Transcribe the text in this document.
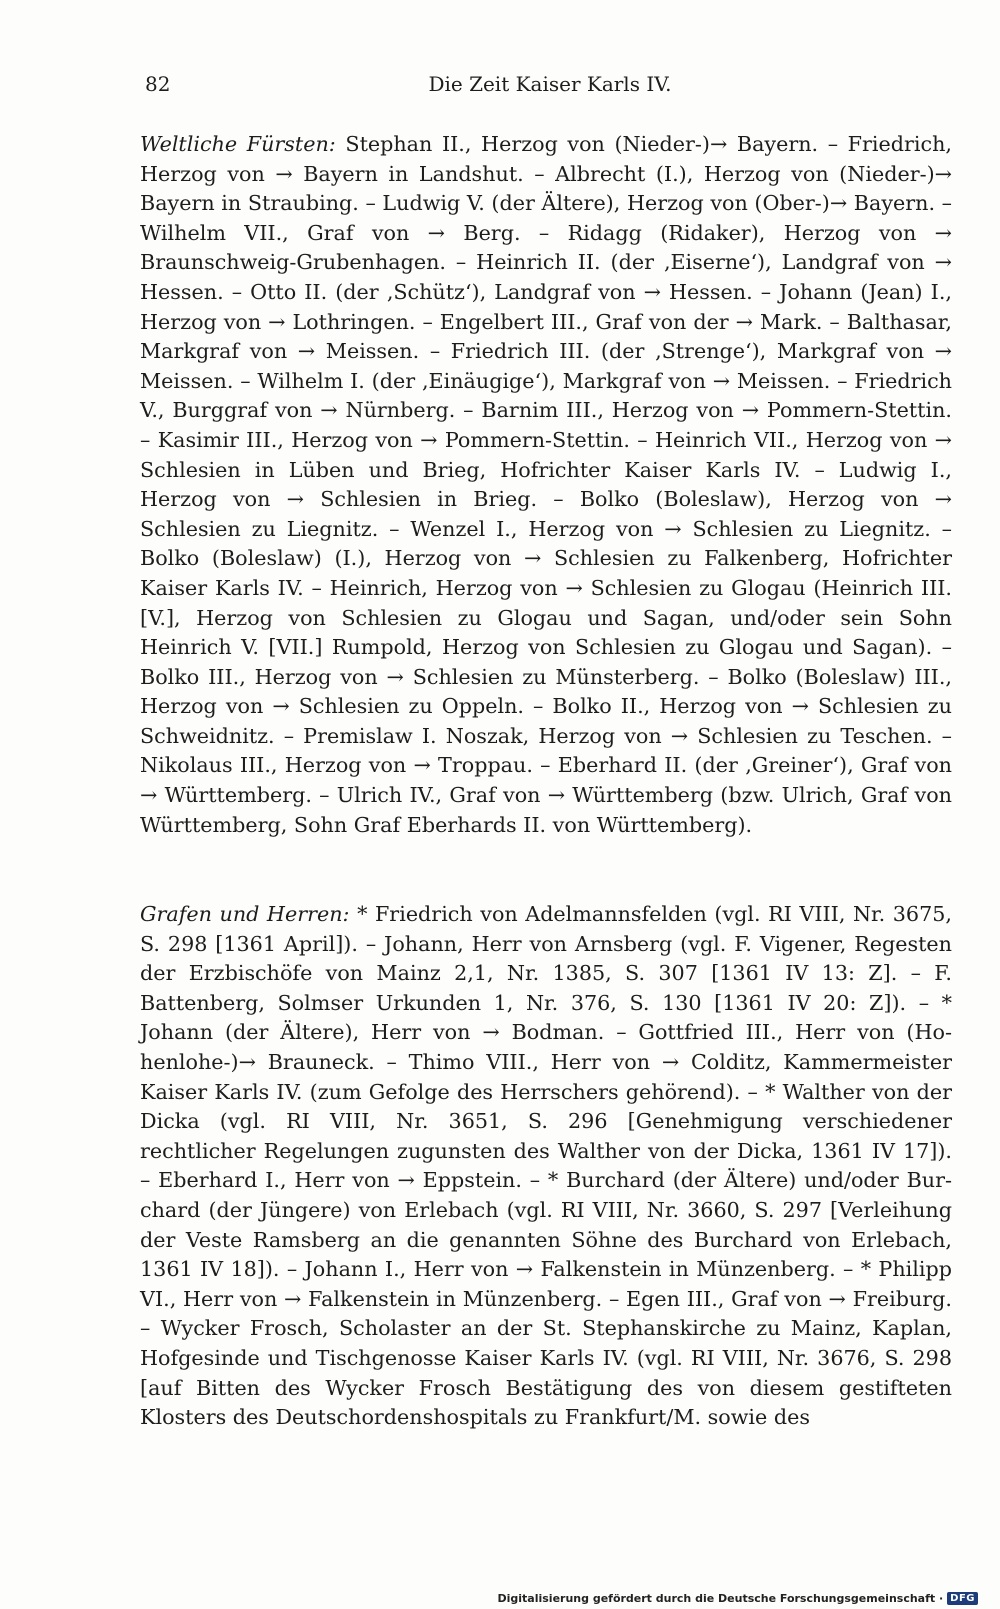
82	Die Zeit Kaiser Karls IV.

Weltliche Fürsten: Stephan II., Herzog von (Nieder-)→ Bayern. – Friedrich, Herzog von → Bayern in Landshut. – Albrecht (I.), Herzog von (Nieder-)→ Bayern in Straubing. – Ludwig V. (der Ältere), Herzog von (Ober-)→ Bayern. – Wilhelm VII., Graf von → Berg. – Ridagg (Ridaker), Herzog von → Braunschweig-Grubenhagen. – Heinrich II. (der ‚Eiserne‘), Landgraf von → Hessen. – Otto II. (der ‚Schütz‘), Landgraf von → Hessen. – Johann (Jean) I., Herzog von → Lothringen. – Engelbert III., Graf von der → Mark. – Balthasar, Markgraf von → Meissen. – Friedrich III. (der ‚Strenge‘), Markgraf von → Meissen. – Wilhelm I. (der ‚Einäugige‘), Markgraf von → Meissen. – Friedrich V., Burggraf von → Nürnberg. – Barnim III., Herzog von → Pommern-Stettin. – Kasimir III., Herzog von → Pommern-Stettin. – Heinrich VII., Herzog von → Schlesien in Lüben und Brieg, Hofrichter Kaiser Karls IV. – Ludwig I., Herzog von → Schlesien in Brieg. – Bolko (Boleslaw), Herzog von → Schlesien zu Liegnitz. – Wenzel I., Herzog von → Schlesien zu Liegnitz. – Bolko (Boleslaw) (I.), Herzog von → Schlesien zu Falkenberg, Hofrichter Kaiser Karls IV. – Heinrich, Herzog von → Schlesien zu Glogau (Heinrich III. [V.], Herzog von Schlesien zu Glogau und Sagan, und/oder sein Sohn Heinrich V. [VII.] Rumpold, Herzog von Schlesien zu Glogau und Sagan). – Bolko III., Herzog von → Schlesien zu Münsterberg. – Bolko (Boleslaw) III., Herzog von → Schlesien zu Oppeln. – Bolko II., Herzog von → Schlesien zu Schweidnitz. – Premislaw I. Noszak, Herzog von → Schlesien zu Teschen. – Nikolaus III., Herzog von → Troppau. – Eberhard II. (der ‚Greiner‘), Graf von → Württemberg. – Ulrich IV., Graf von → Württemberg (bzw. Ulrich, Graf von Württemberg, Sohn Graf Eberhards II. von Württemberg).

Grafen und Herren: * Friedrich von Adelmannsfelden (vgl. RI VIII, Nr. 3675, S. 298 [1361 April]). – Johann, Herr von Arnsberg (vgl. F. Vigener, Regesten der Erzbischöfe von Mainz 2,1, Nr. 1385, S. 307 [1361 IV 13: Z]. – F. Battenberg, Solmser Urkunden 1, Nr. 376, S. 130 [1361 IV 20: Z]). – * Johann (der Ältere), Herr von → Bodman. – Gottfried III., Herr von (Hohenlohe-)→ Brauneck. – Thimo VIII., Herr von → Colditz, Kammermeister Kaiser Karls IV. (zum Gefolge des Herrschers gehörend). – * Walther von der Dicka (vgl. RI VIII, Nr. 3651, S. 296 [Genehmigung verschiedener rechtlicher Regelungen zugunsten des Walther von der Dicka, 1361 IV 17]). – Eberhard I., Herr von → Eppstein. – * Burchard (der Ältere) und/oder Burchard (der Jüngere) von Erlebach (vgl. RI VIII, Nr. 3660, S. 297 [Verleihung der Veste Ramsberg an die genannten Söhne des Burchard von Erlebach, 1361 IV 18]). – Johann I., Herr von → Falkenstein in Münzenberg. – * Philipp VI., Herr von → Falkenstein in Münzenberg. – Egen III., Graf von → Freiburg. – Wycker Frosch, Scholaster an der St. Stephanskirche zu Mainz, Kaplan, Hofgesinde und Tischgenosse Kaiser Karls IV. (vgl. RI VIII, Nr. 3676, S. 298 [auf Bitten des Wycker Frosch Bestätigung des von diesem gestifteten Klosters des Deutschordenshospitals zu Frankfurt/M. sowie des

Digitalisierung gefördert durch die Deutsche Forschungsgemeinschaft · DFG
